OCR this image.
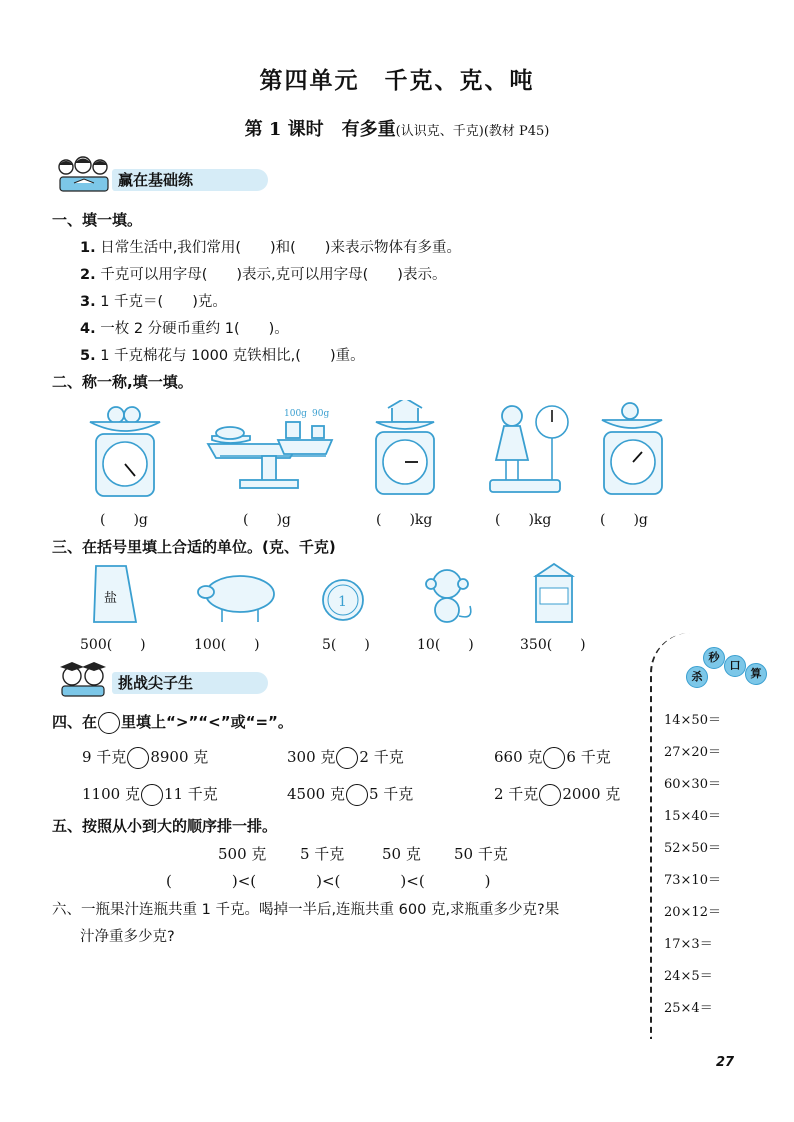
第四单元　千克、克、吨
第 1 课时　有多重(认识克、千克)(教材 P45)
赢在基础练
一、填一填。
1. 日常生活中,我们常用(　　)和(　　)来表示物体有多重。
2. 千克可以用字母(　　)表示,克可以用字母(　　)表示。
3. 1 千克＝(　　)克。
4. 一枚 2 分硬币重约 1(　　)。
5. 1 千克棉花与 1000 克铁相比,(　　)重。
二、称一称,填一填。
100g 90g
(　　)g	(　　)g	(　　)kg	(　　)kg	(　　)g
三、在括号里填上合适的单位。(克、千克)
盐	1
500(　　)	100(　　)	5(　　)	10(　　)	350(　　)
挑战尖子生
四、在 里填上“>”“<”或“=”。
9 千克 8900 克	300 克 2 千克	660 克 6 千克
1100 克 11 千克	4500 克 5 千克	2 千克 2000 克
五、按照从小到大的顺序排一排。
500 克 5 千克	50 克 50 千克
(　　　　)<(　　　　)<(　　　　)<(　　　　)
六、一瓶果汁连瓶共重 1 千克。喝掉一半后,连瓶共重 600 克,求瓶重多少克?果
汁净重多少克?
秒
口
杀	算
14×50＝
27×20＝
60×30＝
15×40＝
52×50＝
73×10＝
20×12＝
17×3＝
24×5＝
25×4＝
27
